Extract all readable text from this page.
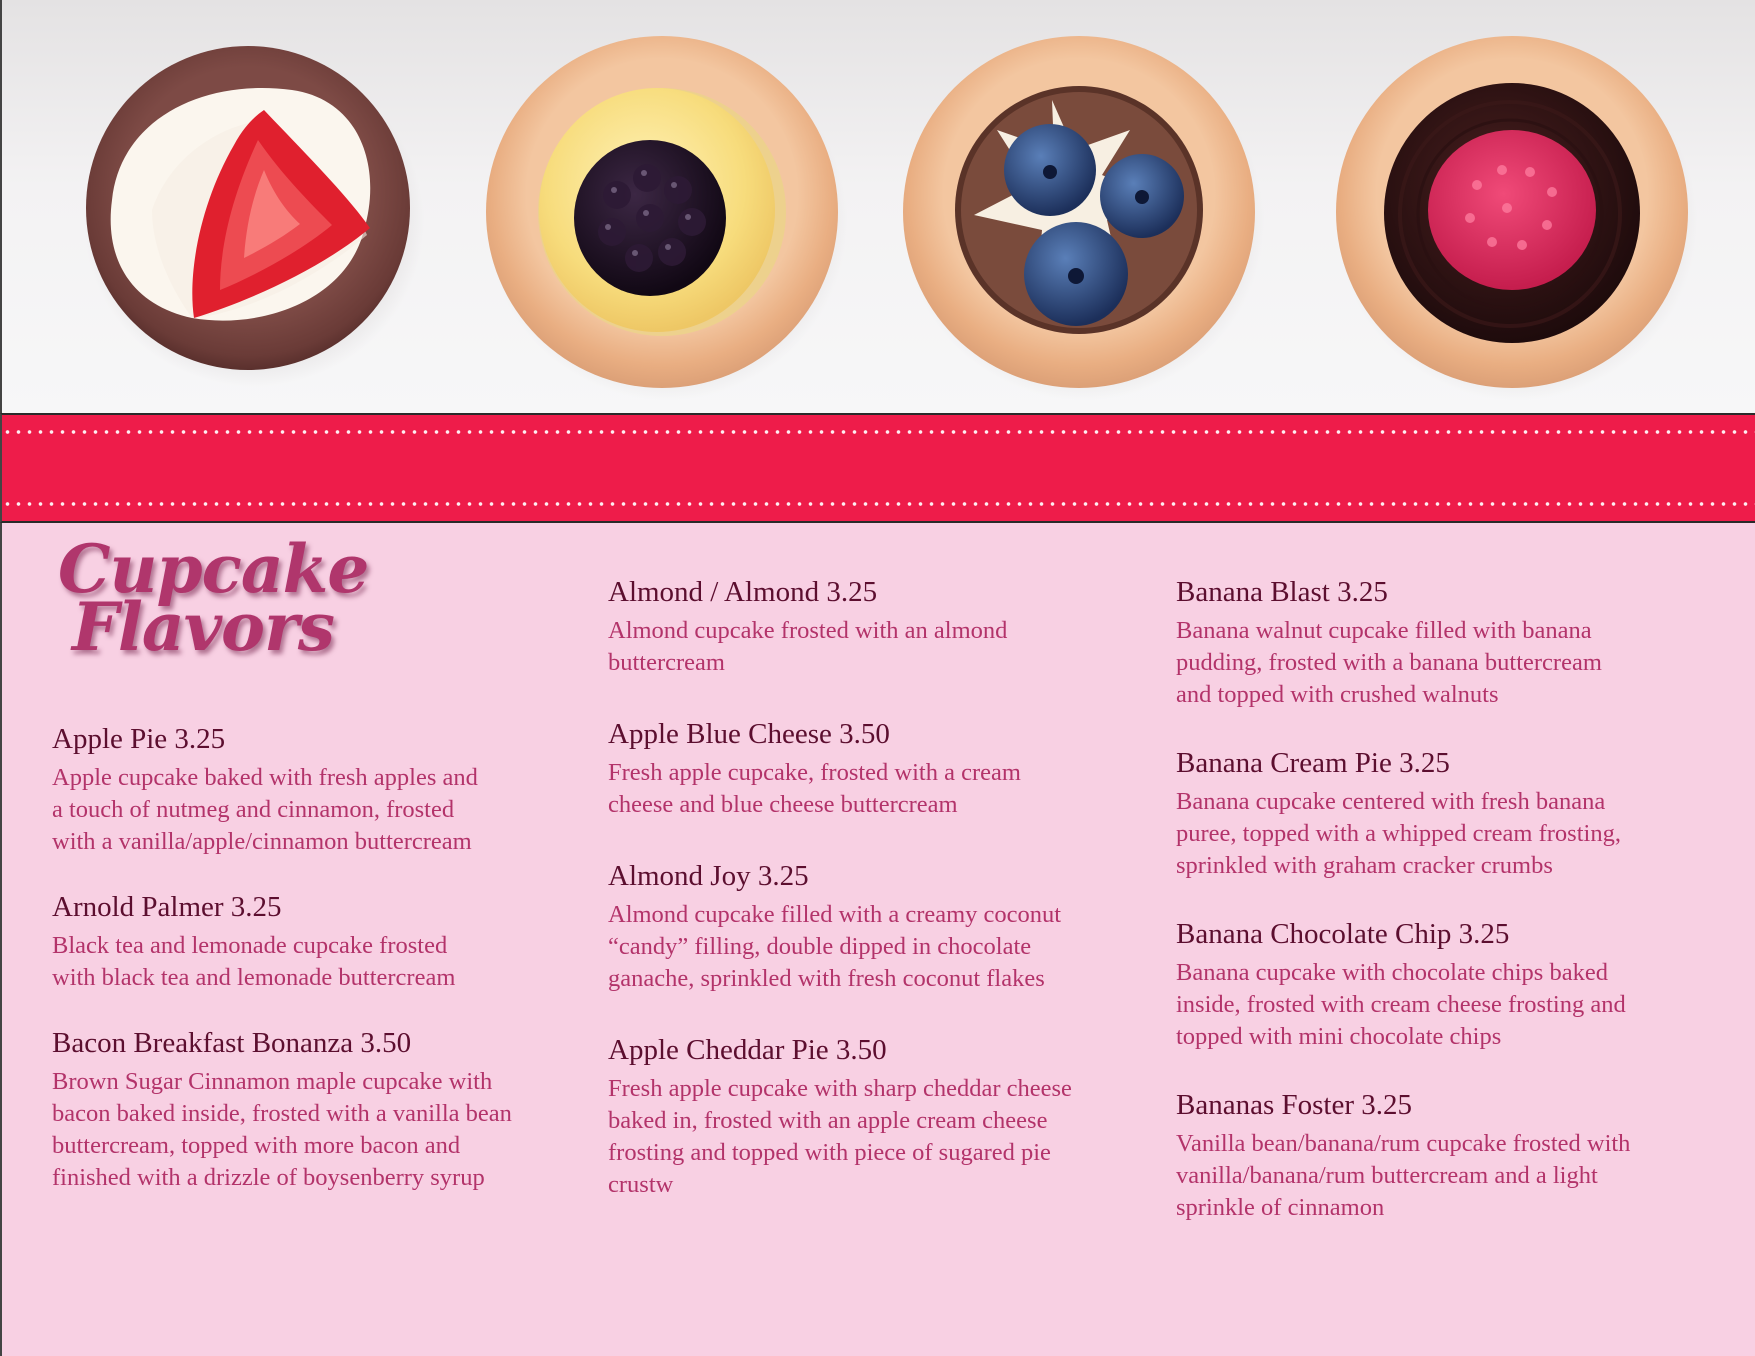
Cupcake
Flavors
Apple Pie 3.25
Apple cupcake baked with fresh apples and
a touch of nutmeg and cinnamon, frosted
with a vanilla/apple/cinnamon buttercream
Arnold Palmer 3.25
Black tea and lemonade cupcake frosted
with black tea and lemonade buttercream
Bacon Breakfast Bonanza 3.50
Brown Sugar Cinnamon maple cupcake with
bacon baked inside, frosted with a vanilla bean
buttercream, topped with more bacon and
finished with a drizzle of boysenberry syrup
Almond / Almond 3.25
Almond cupcake frosted with an almond
buttercream
Apple Blue Cheese 3.50
Fresh apple cupcake, frosted with a cream
cheese and blue cheese buttercream
Almond Joy 3.25
Almond cupcake filled with a creamy coconut
“candy” filling, double dipped in chocolate
ganache, sprinkled with fresh coconut flakes
Apple Cheddar Pie 3.50
Fresh apple cupcake with sharp cheddar cheese
baked in, frosted with an apple cream cheese
frosting and topped with piece of sugared pie
crustw
Banana Blast 3.25
Banana walnut cupcake filled with banana
pudding, frosted with a banana buttercream
and topped with crushed walnuts
Banana Cream Pie 3.25
Banana cupcake centered with fresh banana
puree, topped with a whipped cream frosting,
sprinkled with graham cracker crumbs
Banana Chocolate Chip 3.25
Banana cupcake with chocolate chips baked
inside, frosted with cream cheese frosting and
topped with mini chocolate chips
Bananas Foster 3.25
Vanilla bean/banana/rum cupcake frosted with
vanilla/banana/rum buttercream and a light
sprinkle of cinnamon
